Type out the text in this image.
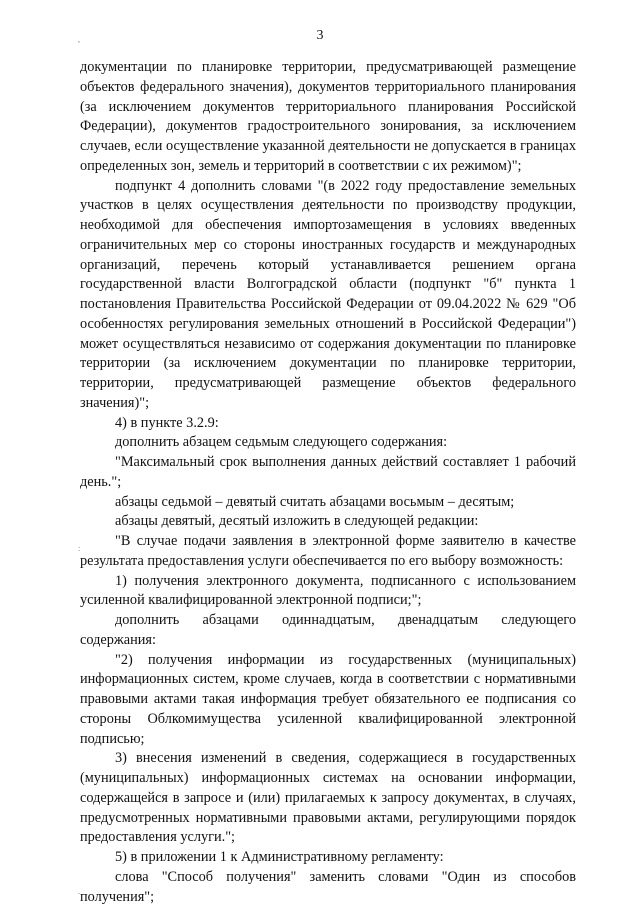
3
,
:
.

документации по планировке территории, предусматривающей размещение объектов федерального значения), документов территориального планирования (за исключением документов территориального планирования Российской Федерации), документов градостроительного зонирования, за исключением случаев, если осуществление указанной деятельности не допускается в границах определенных зон, земель и территорий в соответствии с их режимом)";

подпункт 4 дополнить словами "(в 2022 году предоставление земельных участков в целях осуществления деятельности по производству продукции, необходимой для обеспечения импортозамещения в условиях введенных ограничительных мер со стороны иностранных государств и международных организаций, перечень который устанавливается решением органа государственной власти Волгоградской области (подпункт "б" пункта 1 постановления Правительства Российской Федерации от 09.04.2022 № 629 "Об особенностях регулирования земельных отношений в Российской Федерации") может осуществляться независимо от содержания документации по планировке территории (за исключением документации по планировке территории, территории, предусматривающей размещение объектов федерального значения)";

4) в пункте 3.2.9:

дополнить абзацем седьмым следующего содержания:

"Максимальный срок выполнения данных действий составляет 1 рабочий день.";

абзацы седьмой – девятый считать абзацами восьмым – десятым;

абзацы девятый, десятый изложить в следующей редакции:

"В случае подачи заявления в электронной форме заявителю в качестве результата предоставления услуги обеспечивается по его выбору возможность:

1) получения электронного документа, подписанного с использованием усиленной квалифицированной электронной подписи;";

дополнить абзацами одиннадцатым, двенадцатым следующего содержания:

"2) получения информации из государственных (муниципальных) информационных систем, кроме случаев, когда в соответствии с нормативными правовыми актами такая информация требует обязательного ее подписания со стороны Облкомимущества усиленной квалифицированной электронной подписью;

3) внесения изменений в сведения, содержащиеся в государственных (муниципальных) информационных системах на основании информации, содержащейся в запросе и (или) прилагаемых к запросу документах, в случаях, предусмотренных нормативными правовыми актами, регулирующими порядок предоставления услуги.";

5) в приложении 1 к Административному регламенту:

слова "Способ получения" заменить словами "Один из способов получения";
